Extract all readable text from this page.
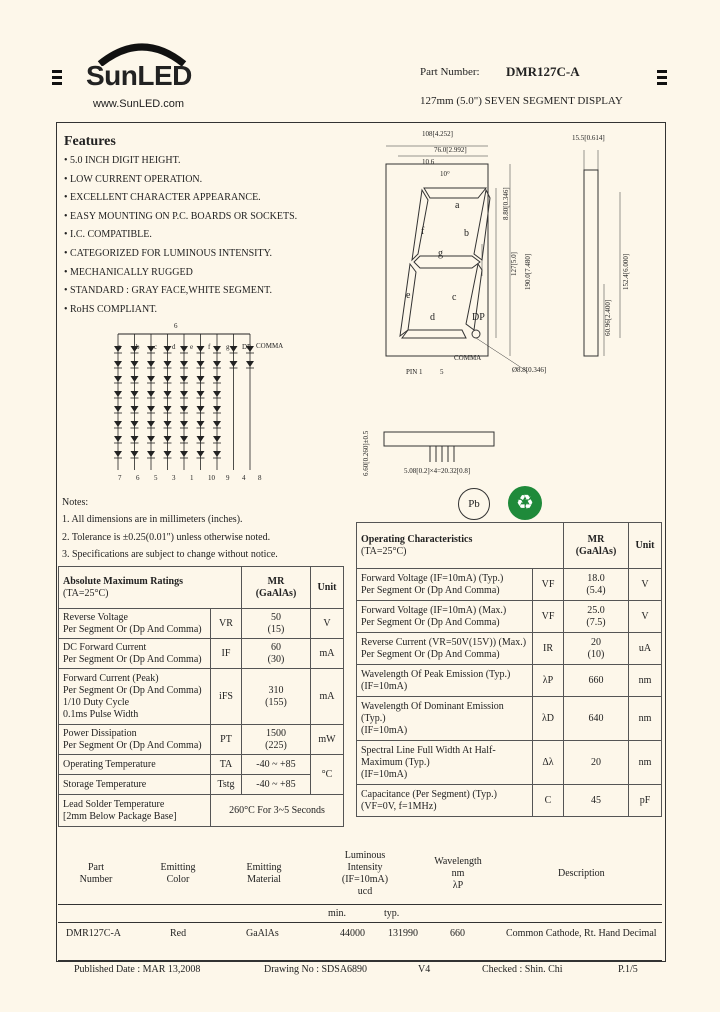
SunLED
www.SunLED.com
Part Number: DMR127C-A
127mm (5.0") SEVEN SEGMENT DISPLAY
Features
• 5.0 INCH DIGIT HEIGHT.
• LOW CURRENT OPERATION.
• EXCELLENT CHARACTER APPEARANCE.
• EASY MOUNTING ON P.C. BOARDS OR SOCKETS.
• I.C. COMPATIBLE.
• CATEGORIZED FOR LUMINOUS INTENSITY.
• MECHANICALLY RUGGED
• STANDARD : GRAY FACE,WHITE SEGMENT.
• RoHS COMPLIANT.
6
COMMA
a b c d e f g DP
7 6 5 3 1 10 9 4 8
108[4.252]
76.0[2.992]
15.5[0.614]
10 6
10°
a
f	b
g
e	c
d	DP
COMMA
Ø8.8[0.346]
PIN 1 5
8.80[0.346]
127[5.0] 190.0[7.480]	152.4[6.000]
60.96[2.400]
6.60[0.260]±0.5	5.08[0.2]×4=20.32[0.8]
Pb	♻
Notes:
1. All dimensions are in millimeters (inches).
2. Tolerance is ±0.25(0.01") unless otherwise noted.
3. Specifications are subject to change without notice.
Absolute Maximum Ratings
(TA=25°C)		MR
(GaAlAs)	Unit
Reverse Voltage
Per Segment Or (Dp And Comma)	VR	50
(15)	V
DC Forward Current
Per Segment Or (Dp And Comma)	IF	60
(30)	mA
Forward Current (Peak)
Per Segment Or (Dp And Comma)
1/10 Duty Cycle
0.1ms Pulse Width	iFS	310
(155)	mA
Power Dissipation
Per Segment Or (Dp And Comma)	PT	1500
(225)	mW
Operating Temperature	TA	-40 ~ +85	°C
Storage Temperature	Tstg	-40 ~ +85	
Lead Solder Temperature
[2mm Below Package Base]	260°C For 3~5 Seconds		
Operating Characteristics
(TA=25°C)		MR
(GaAlAs)	Unit
Forward Voltage (IF=10mA) (Typ.)
Per Segment Or (Dp And Comma)	VF	18.0
(5.4)	V
Forward Voltage (IF=10mA) (Max.)
Per Segment Or (Dp And Comma)	VF	25.0
(7.5)	V
Reverse Current (VR=50V(15V)) (Max.)
Per Segment Or (Dp And Comma)	IR	20
(10)	uA
Wavelength Of Peak Emission (Typ.)
(IF=10mA)	λP	660	nm
Wavelength Of Dominant Emission
(Typ.)
(IF=10mA)	λD	640	nm
Spectral Line Full Width At Half-
Maximum (Typ.)
(IF=10mA)	Δλ	20	nm
Capacitance (Per Segment) (Typ.)
(VF=0V, f=1MHz)	C	45	pF
Part
Number
Emitting
Color
Emitting
Material
Luminous
Intensity
(IF=10mA)
ucd
Wavelength
nm
λP
Description
min.	typ.
DMR127C-A	Red	GaAlAs	44000 131990	660	Common Cathode, Rt. Hand Decimal
Published Date : MAR 13,2008	Drawing No : SDSA6890	V4	Checked : Shin. Chi	P.1/5
